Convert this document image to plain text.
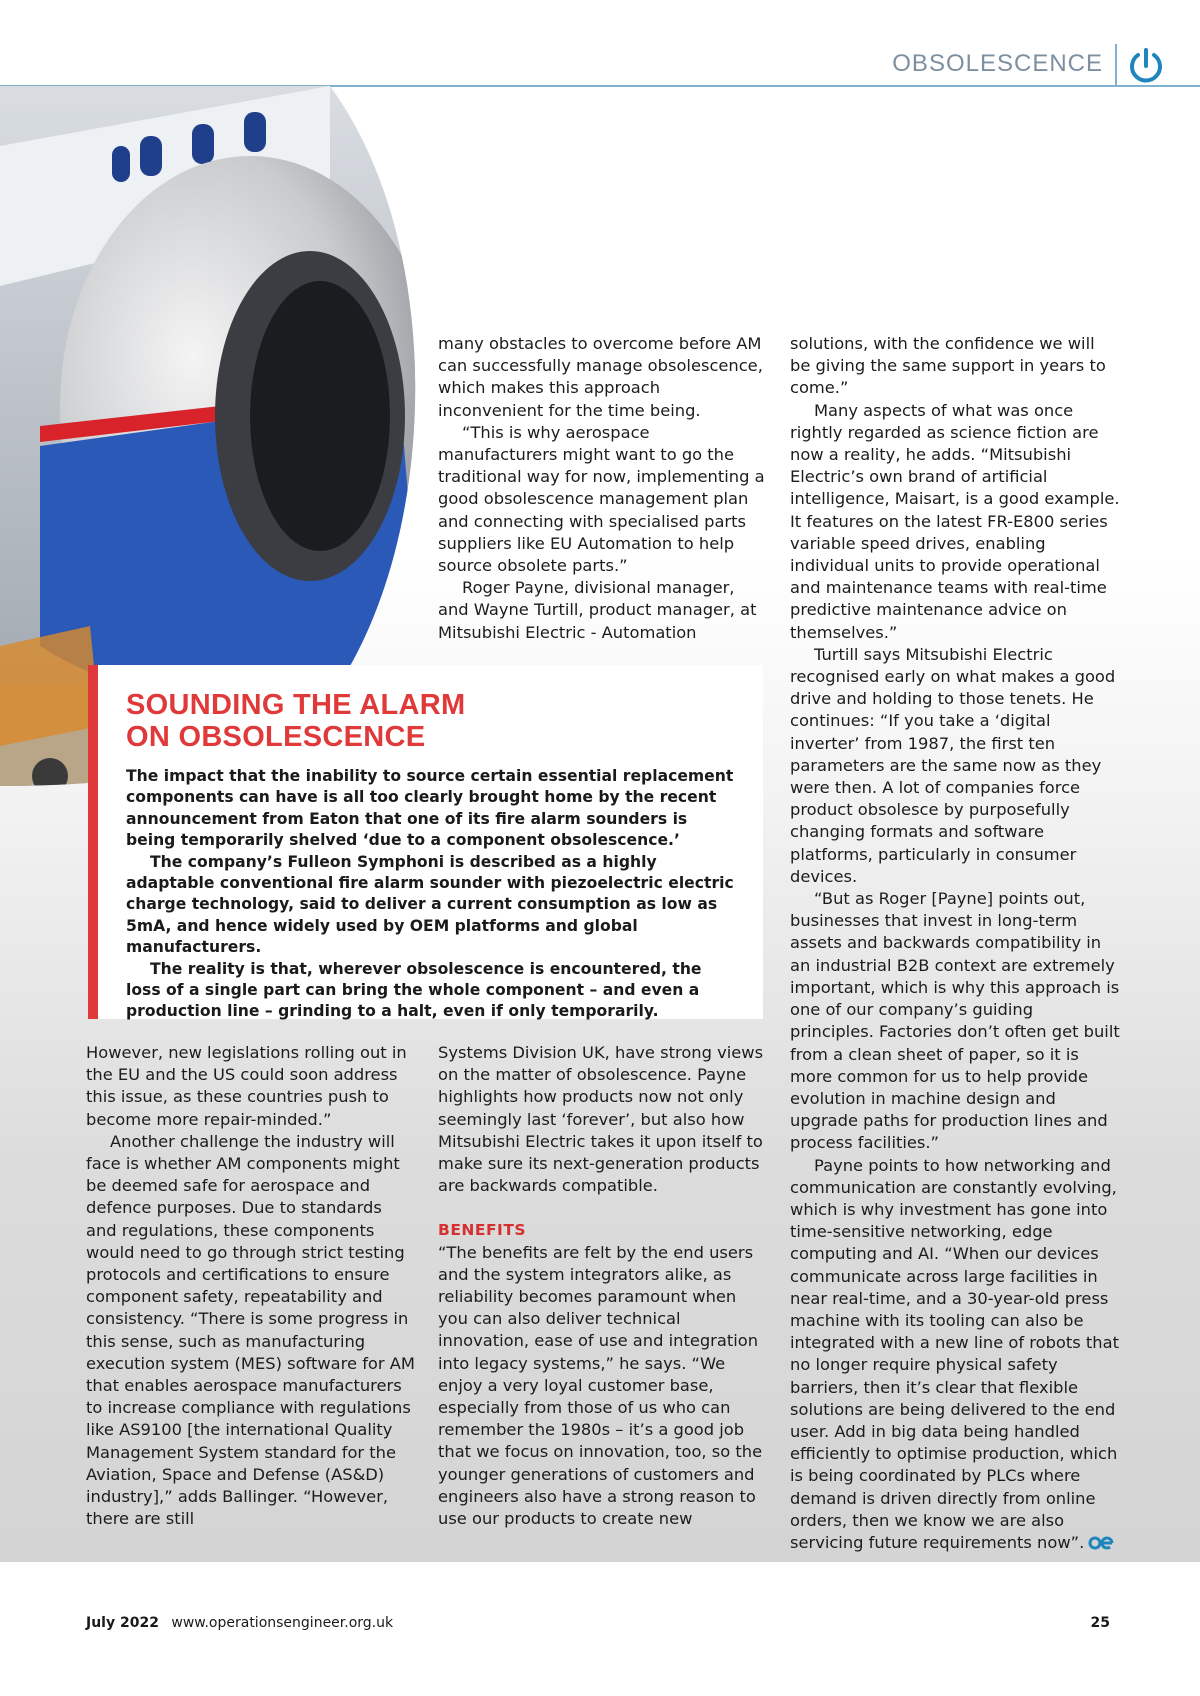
OBSOLESCENCE

many obstacles to overcome before AM can successfully manage obsolescence, which makes this approach inconvenient for the time being.

“This is why aerospace manufacturers might want to go the traditional way for now, implementing a good obsolescence management plan and connecting with specialised parts suppliers like EU Automation to help source obsolete parts.”

Roger Payne, divisional manager, and Wayne Turtill, product manager, at Mitsubishi Electric - Automation

solutions, with the confidence we will be giving the same support in years to come.”

Many aspects of what was once rightly regarded as science fiction are now a reality, he adds. “Mitsubishi Electric’s own brand of artificial intelligence, Maisart, is a good example. It features on the latest FR-E800 series variable speed drives, enabling individual units to provide operational and maintenance teams with real-time predictive maintenance advice on themselves.”

Turtill says Mitsubishi Electric recognised early on what makes a good drive and holding to those tenets. He continues: “If you take a ‘digital inverter’ from 1987, the first ten parameters are the same now as they were then. A lot of companies force product obsolesce by purposefully changing formats and software platforms, particularly in consumer devices.

“But as Roger [Payne] points out, businesses that invest in long-term assets and backwards compatibility in an industrial B2B context are extremely important, which is why this approach is one of our company’s guiding principles. Factories don’t often get built from a clean sheet of paper, so it is more common for us to help provide evolution in machine design and upgrade paths for production lines and process facilities.”

Payne points to how networking and communication are constantly evolving, which is why investment has gone into time-sensitive networking, edge computing and AI. “When our devices communicate across large facilities in near real-time, and a 30-year-old press machine with its tooling can also be integrated with a new line of robots that no longer require physical safety barriers, then it’s clear that flexible solutions are being delivered to the end user. Add in big data being handled efficiently to optimise production, which is being coordinated by PLCs where demand is driven directly from online orders, then we know we are also servicing future requirements now”.

SOUNDING THE ALARM
ON OBSOLESCENCE

The impact that the inability to source certain essential replacement components can have is all too clearly brought home by the recent announcement from Eaton that one of its fire alarm sounders is being temporarily shelved ‘due to a component obsolescence.’

The company’s Fulleon Symphoni is described as a highly adaptable conventional fire alarm sounder with piezoelectric electric charge technology, said to deliver a current consumption as low as 5mA, and hence widely used by OEM platforms and global manufacturers.

The reality is that, wherever obsolescence is encountered, the loss of a single part can bring the whole component – and even a production line – grinding to a halt, even if only temporarily.

However, new legislations rolling out in the EU and the US could soon address this issue, as these countries push to become more repair-minded.”

Another challenge the industry will face is whether AM components might be deemed safe for aerospace and defence purposes. Due to standards and regulations, these components would need to go through strict testing protocols and certifications to ensure component safety, repeatability and consistency. “There is some progress in this sense, such as manufacturing execution system (MES) software for AM that enables aerospace manufacturers to increase compliance with regulations like AS9100 [the international Quality Management System standard for the Aviation, Space and Defense (AS&D) industry],” adds Ballinger. “However, there are still

Systems Division UK, have strong views on the matter of obsolescence. Payne highlights how products now not only seemingly last ‘forever’, but also how Mitsubishi Electric takes it upon itself to make sure its next-generation products are backwards compatible.

BENEFITS

“The benefits are felt by the end users and the system integrators alike, as reliability becomes paramount when you can also deliver technical innovation, ease of use and integration into legacy systems,” he says. “We enjoy a very loyal customer base, especially from those of us who can remember the 1980s – it’s a good job that we focus on innovation, too, so the younger generations of customers and engineers also have a strong reason to use our products to create new

July 2022 www.operationsengineer.org.uk	25
